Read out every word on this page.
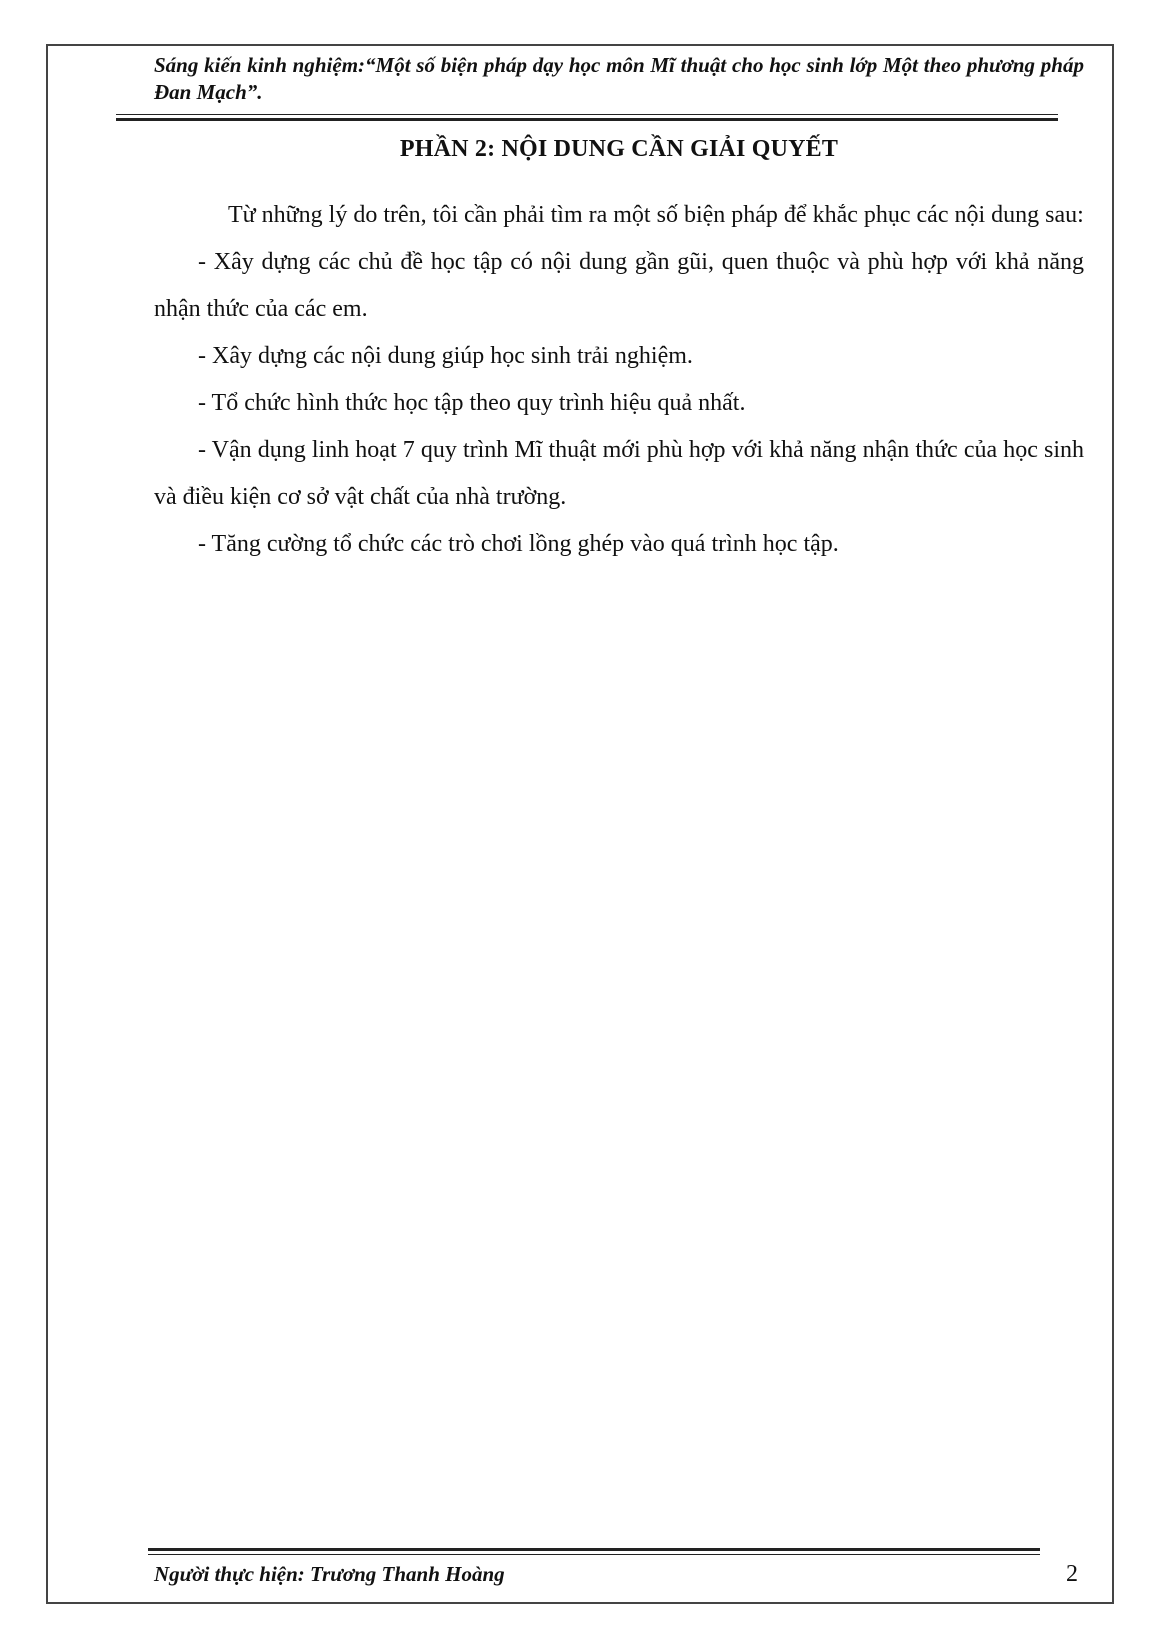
Sáng kiến kinh nghiệm:“Một số biện pháp dạy học môn Mĩ thuật cho học sinh lớp Một theo phương pháp Đan Mạch”.
PHẦN 2: NỘI DUNG CẦN GIẢI QUYẾT

Từ những lý do trên, tôi cần phải tìm ra một số biện pháp để khắc phục các nội dung sau:

- Xây dựng các chủ đề học tập có nội dung gần gũi, quen thuộc và phù hợp với khả năng nhận thức của các em.

- Xây dựng các nội dung giúp học sinh trải nghiệm.

- Tổ chức hình thức học tập theo quy trình hiệu quả nhất.

- Vận dụng linh hoạt 7 quy trình Mĩ thuật mới phù hợp với khả năng nhận thức của học sinh và điều kiện cơ sở vật chất của nhà trường.

- Tăng cường tổ chức các trò chơi lồng ghép vào quá trình học tập.

Người thực hiện: Trương Thanh Hoàng	2
